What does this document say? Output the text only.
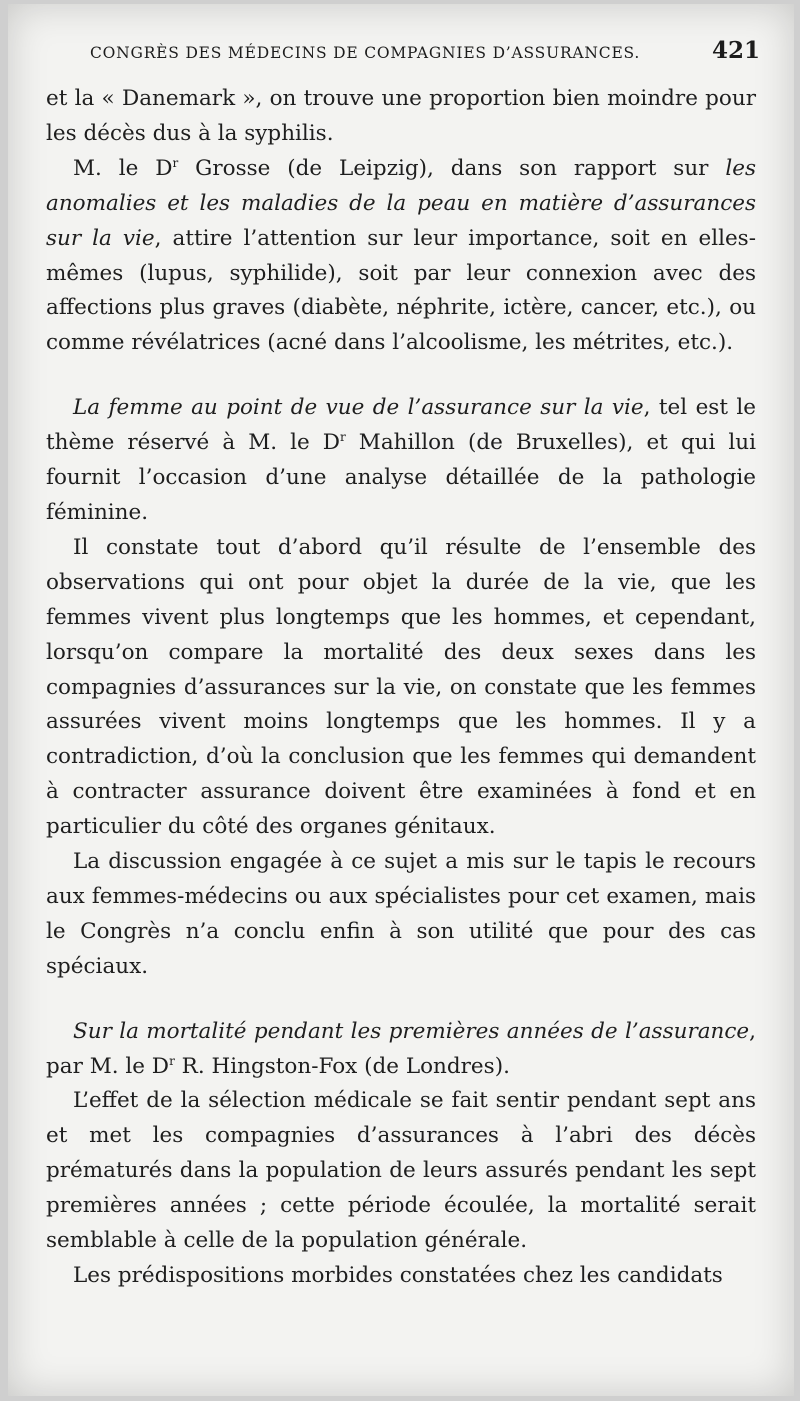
CONGRÈS DES MÉDECINS DE COMPAGNIES D’ASSURANCES.	421

et la « Danemark », on trouve une proportion bien moindre pour les décès dus à la syphilis.

M. le $D^r$ Grosse (de Leipzig), dans son rapport sur les anomalies et les maladies de la peau en matière d’assurances sur la vie, attire l’attention sur leur importance, soit en elles-mêmes (lupus, syphilide), soit par leur connexion avec des affections plus graves (diabète, néphrite, ictère, cancer, etc.), ou comme révélatrices (acné dans l’alcoolisme, les métrites, etc.).

La femme au point de vue de l’assurance sur la vie, tel est le thème réservé à M. le $D^r$ Mahillon (de Bruxelles), et qui lui fournit l’occasion d’une analyse détaillée de la pathologie féminine.

Il constate tout d’abord qu’il résulte de l’ensemble des observations qui ont pour objet la durée de la vie, que les femmes vivent plus longtemps que les hommes, et cependant, lorsqu’on compare la mortalité des deux sexes dans les compagnies d’assurances sur la vie, on constate que les femmes assurées vivent moins longtemps que les hommes. Il y a contradiction, d’où la conclusion que les femmes qui demandent à contracter assurance doivent être examinées à fond et en particulier du côté des organes génitaux.

La discussion engagée à ce sujet a mis sur le tapis le recours aux femmes-médecins ou aux spécialistes pour cet examen, mais le Congrès n’a conclu enfin à son utilité que pour des cas spéciaux.

Sur la mortalité pendant les premières années de l’assurance, par M. le $D^r$ R. Hingston-Fox (de Londres).

L’effet de la sélection médicale se fait sentir pendant sept ans et met les compagnies d’assurances à l’abri des décès prématurés dans la population de leurs assurés pendant les sept premières années ; cette période écoulée, la mortalité serait semblable à celle de la population générale.

Les prédispositions morbides constatées chez les candidats
